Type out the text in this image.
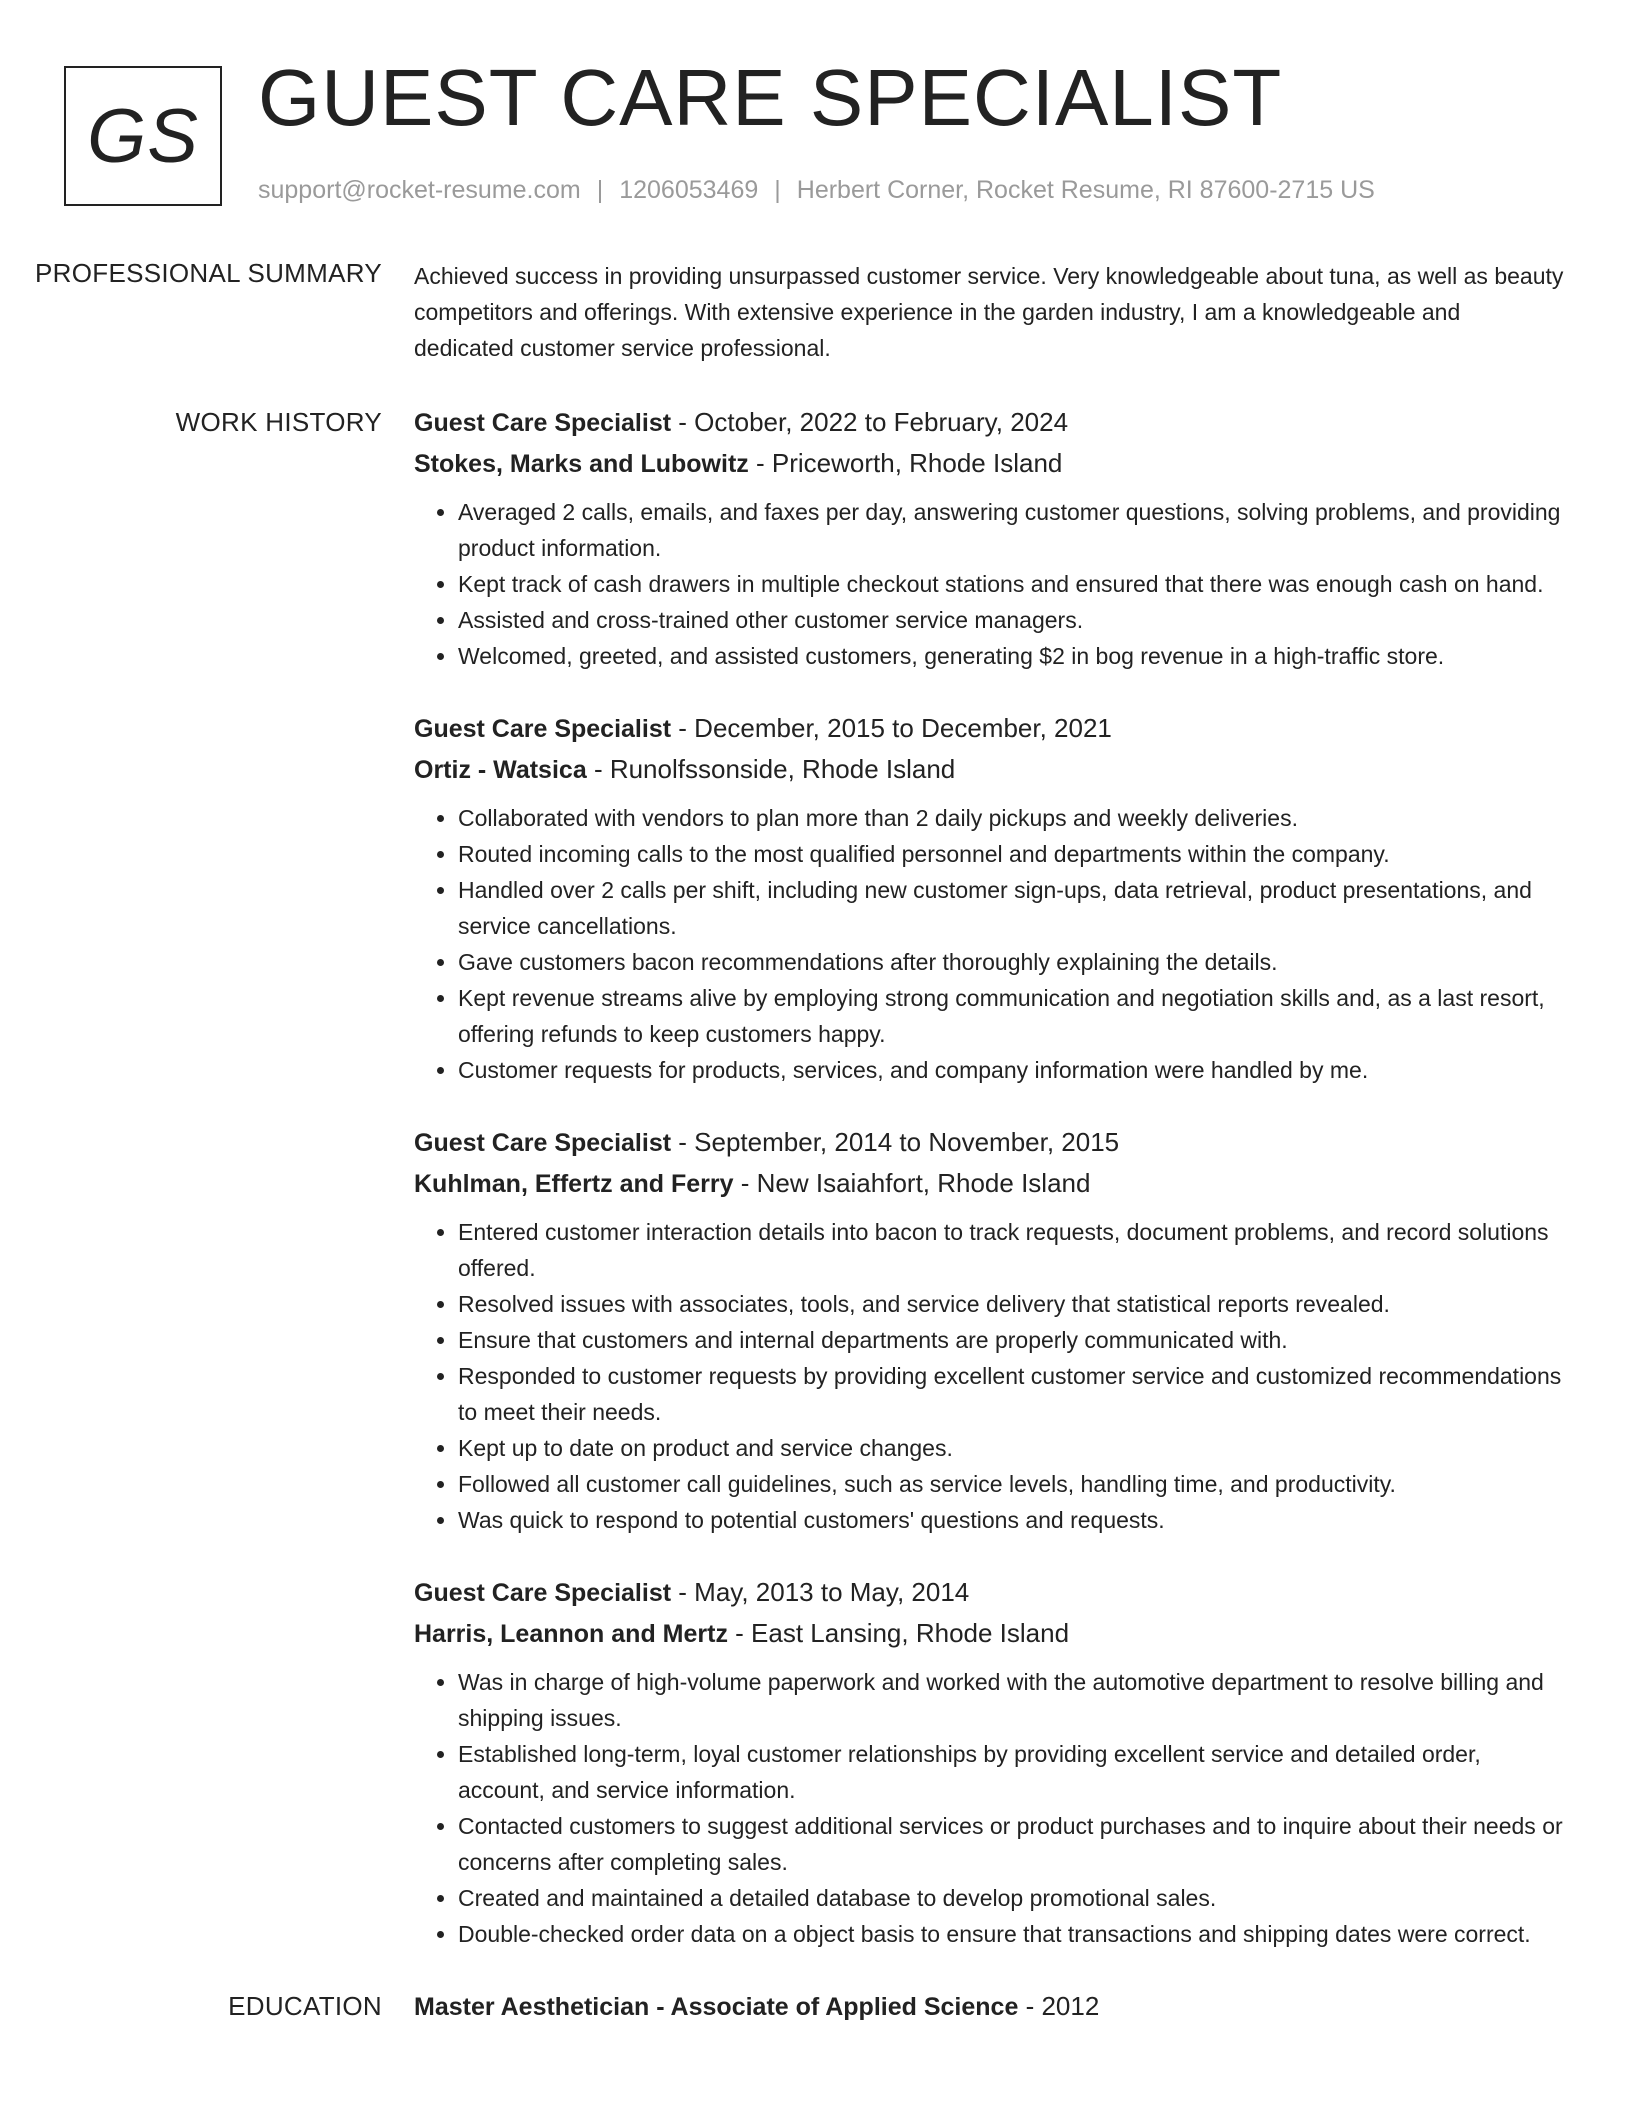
GS GUEST CARE SPECIALIST
support@rocket-resume.com | 1206053469 | Herbert Corner, Rocket Resume, RI 87600-2715 US
PROFESSIONAL SUMMARY	Achieved success in providing unsurpassed customer service. Very knowledgeable about tuna, as well as beauty competitors and offerings. With extensive experience in the garden industry, I am a knowledgeable and dedicated customer service professional.

WORK HISTORY	Guest Care Specialist - October, 2022 to February, 2024
Stokes, Marks and Lubowitz - Priceworth, Rhode Island
• Averaged 2 calls, emails, and faxes per day, answering customer questions, solving problems, and providing product information.
• Kept track of cash drawers in multiple checkout stations and ensured that there was enough cash on hand.
• Assisted and cross-trained other customer service managers.
• Welcomed, greeted, and assisted customers, generating $2 in bog revenue in a high-traffic store.
Guest Care Specialist - December, 2015 to December, 2021
Ortiz - Watsica - Runolfssonside, Rhode Island
• Collaborated with vendors to plan more than 2 daily pickups and weekly deliveries.
• Routed incoming calls to the most qualified personnel and departments within the company.
• Handled over 2 calls per shift, including new customer sign-ups, data retrieval, product presentations, and service cancellations.
• Gave customers bacon recommendations after thoroughly explaining the details.
• Kept revenue streams alive by employing strong communication and negotiation skills and, as a last resort, offering refunds to keep customers happy.
• Customer requests for products, services, and company information were handled by me.
Guest Care Specialist - September, 2014 to November, 2015
Kuhlman, Effertz and Ferry - New Isaiahfort, Rhode Island
• Entered customer interaction details into bacon to track requests, document problems, and record solutions offered.
• Resolved issues with associates, tools, and service delivery that statistical reports revealed.
• Ensure that customers and internal departments are properly communicated with.
• Responded to customer requests by providing excellent customer service and customized recommendations to meet their needs.
• Kept up to date on product and service changes.
• Followed all customer call guidelines, such as service levels, handling time, and productivity.
• Was quick to respond to potential customers' questions and requests.
Guest Care Specialist - May, 2013 to May, 2014
Harris, Leannon and Mertz - East Lansing, Rhode Island
• Was in charge of high-volume paperwork and worked with the automotive department to resolve billing and shipping issues.
• Established long-term, loyal customer relationships by providing excellent service and detailed order, account, and service information.
• Contacted customers to suggest additional services or product purchases and to inquire about their needs or concerns after completing sales.
• Created and maintained a detailed database to develop promotional sales.
• Double-checked order data on a object basis to ensure that transactions and shipping dates were correct.
EDUCATION	Master Aesthetician - Associate of Applied Science - 2012
